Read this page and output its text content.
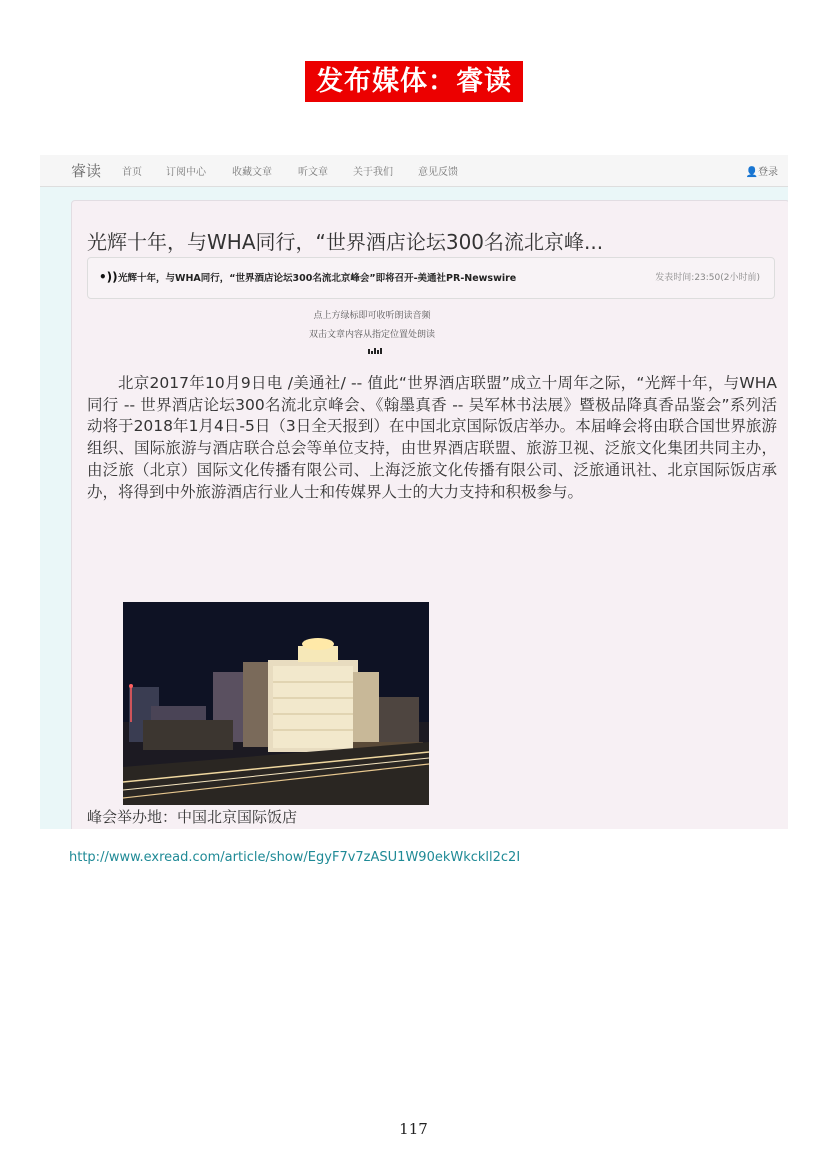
发布媒体：睿读
睿读 首页 订阅中心	收藏文章	听文章	关于我们	意见反馈	👤登录
光辉十年，与WHA同行，“世界酒店论坛300名流北京峰...
•)) 光辉十年，与WHA同行，“世界酒店论坛300名流北京峰会”即将召开-美通社PR-Newswire	发表时间:23:50(2小时前)
点上方绿标即可收听朗读音频
双击文章内容从指定位置处朗读

北京2017年10月9日电 /美通社/ -- 值此“世界酒店联盟”成立十周年之际，“光辉十年，与WHA同行 -- 世界酒店论坛300名流北京峰会、《翰墨真香 -- 吴军林书法展》暨极品降真香品鉴会”系列活动将于2018年1月4日-5日（3日全天报到）在中国北京国际饭店举办。本届峰会将由联合国世界旅游组织、国际旅游与酒店联合总会等单位支持，由世界酒店联盟、旅游卫视、泛旅文化集团共同主办，由泛旅（北京）国际文化传播有限公司、上海泛旅文化传播有限公司、泛旅通讯社、北京国际饭店承办，将得到中外旅游酒店行业人士和传媒界人士的大力支持和积极参与。

峰会举办地：中国北京国际饭店
http://www.exread.com/article/show/EgyF7v7zASU1W90ekWkckll2c2I
117
